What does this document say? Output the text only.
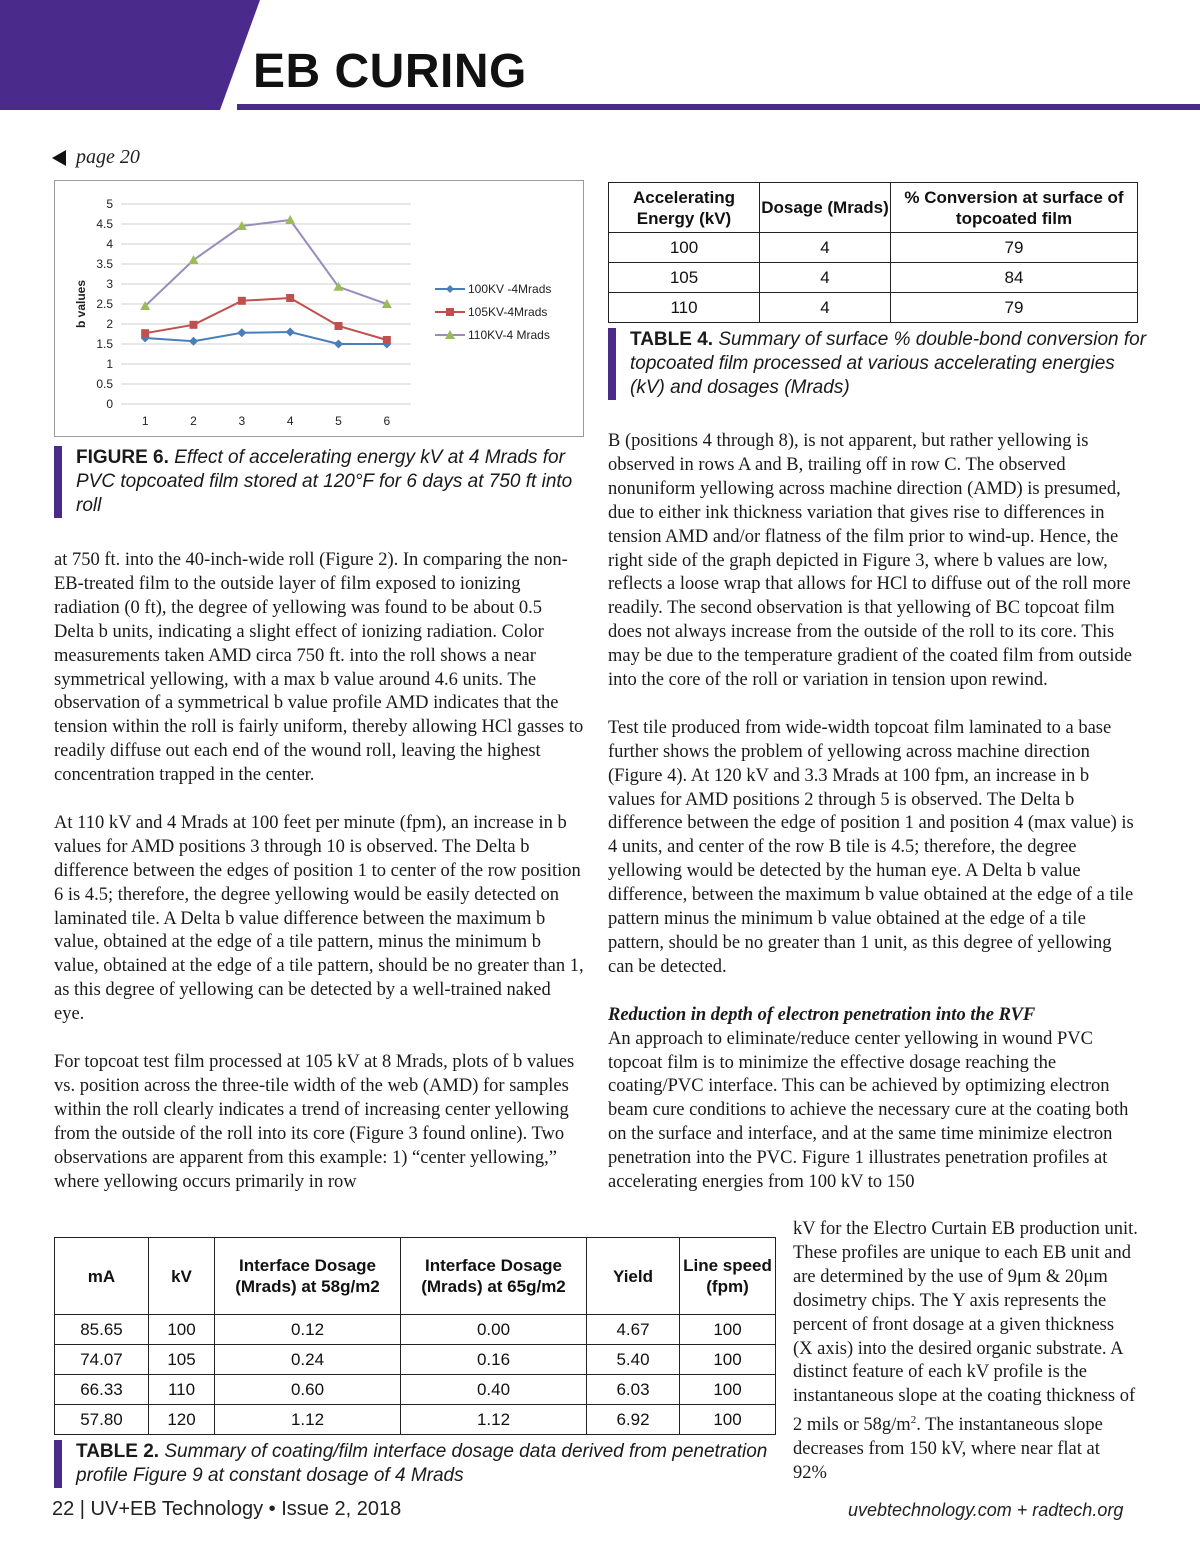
EB CURING
page 20
0
0.5
1
1.5
2
2.5
3
3.5
4
4.5
5
1	2	3	4	5	6
b values	100KV -4Mrads
105KV-4Mrads
110KV-4 Mrads
FIGURE 6. Effect of accelerating energy kV at 4 Mrads for PVC topcoated film stored at 120°F for 6 days at 750 ft into roll

at 750 ft. into the 40-inch-wide roll (Figure 2). In comparing the non-EB-treated film to the outside layer of film exposed to ionizing radiation (0 ft), the degree of yellowing was found to be about 0.5 Delta b units, indicating a slight effect of ionizing radiation. Color measurements taken AMD circa 750 ft. into the roll shows a near symmetrical yellowing, with a max b value around 4.6 units. The observation of a symmetrical b value profile AMD indicates that the tension within the roll is fairly uniform, thereby allowing HCl gasses to readily diffuse out each end of the wound roll, leaving the highest concentration trapped in the center.

At 110 kV and 4 Mrads at 100 feet per minute (fpm), an increase in b values for AMD positions 3 through 10 is observed. The Delta b difference between the edges of position 1 to center of the row position 6 is 4.5; therefore, the degree yellowing would be easily detected on laminated tile. A Delta b value difference between the maximum b value, obtained at the edge of a tile pattern, minus the minimum b value, obtained at the edge of a tile pattern, should be no greater than 1, as this degree of yellowing can be detected by a well-trained naked eye.

For topcoat test film processed at 105 kV at 8 Mrads, plots of b values vs. position across the three-tile width of the web (AMD) for samples within the roll clearly indicates a trend of increasing center yellowing from the outside of the roll into its core (Figure 3 found online). Two observations are apparent from this example: 1) “center yellowing,” where yellowing occurs primarily in row

Accelerating Energy (kV)	Dosage (Mrads)	% Conversion at surface of topcoated film
100	4	79
105	4	84
110	4	79
TABLE 4. Summary of surface % double-bond conversion for topcoated film processed at various accelerating energies (kV) and dosages (Mrads)

B (positions 4 through 8), is not apparent, but rather yellowing is observed in rows A and B, trailing off in row C. The observed nonuniform yellowing across machine direction (AMD) is presumed, due to either ink thickness variation that gives rise to differences in tension AMD and/or flatness of the film prior to wind-up. Hence, the right side of the graph depicted in Figure 3, where b values are low, reflects a loose wrap that allows for HCl to diffuse out of the roll more readily. The second observation is that yellowing of BC topcoat film does not always increase from the outside of the roll to its core. This may be due to the temperature gradient of the coated film from outside into the core of the roll or variation in tension upon rewind.

Test tile produced from wide-width topcoat film laminated to a base further shows the problem of yellowing across machine direction (Figure 4). At 120 kV and 3.3 Mrads at 100 fpm, an increase in b values for AMD positions 2 through 5 is observed. The Delta b difference between the edge of position 1 and position 4 (max value) is 4 units, and center of the row B tile is 4.5; therefore, the degree yellowing would be detected by the human eye. A Delta b value difference, between the maximum b value obtained at the edge of a tile pattern minus the minimum b value obtained at the edge of a tile pattern, should be no greater than 1 unit, as this degree of yellowing can be detected.

Reduction in depth of electron penetration into the RVF
An approach to eliminate/reduce center yellowing in wound PVC topcoat film is to minimize the effective dosage reaching the coating/PVC interface. This can be achieved by optimizing electron beam cure conditions to achieve the necessary cure at the coating both on the surface and interface, and at the same time minimize electron penetration into the PVC. Figure 1 illustrates penetration profiles at accelerating energies from 100 kV to 150
kV for the Electro Curtain EB production unit. These profiles are unique to each EB unit and are determined by the use of 9μm & 20μm dosimetry chips. The Y axis represents the percent of front dosage at a given thickness (X axis) into the desired organic substrate. A distinct feature of each kV profile is the instantaneous slope at the coating thickness of 2 mils or $58g/m^2$. The instantaneous slope decreases from 150 kV, where near flat at 92%
mA	kV	Interface Dosage (Mrads) at 58g/m2	Interface Dosage (Mrads) at 65g/m2	Yield	Line speed (fpm)
85.65	100	0.12	0.00	4.67	100
74.07	105	0.24	0.16	5.40	100
66.33	110	0.60	0.40	6.03	100
57.80	120	1.12	1.12	6.92	100
TABLE 2. Summary of coating/film interface dosage data derived from penetration profile Figure 9 at constant dosage of 4 Mrads
22 | UV+EB Technology • Issue 2, 2018	uvebtechnology.com + radtech.org
